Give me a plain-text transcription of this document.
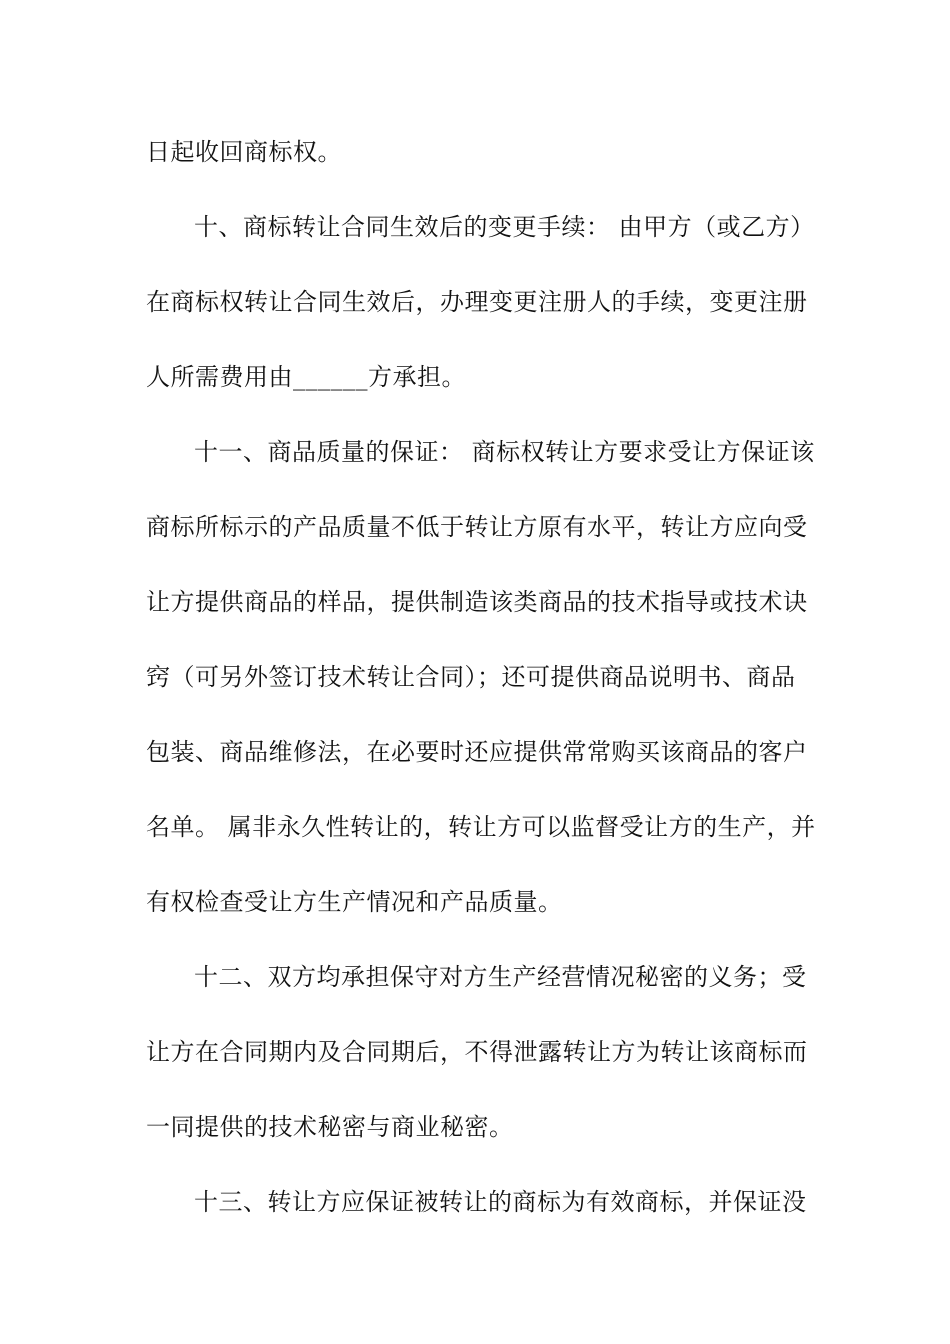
日起收回商标权。
十、商标转让合同生效后的变更手续： 由甲方（或乙方）
在商标权转让合同生效后，办理变更注册人的手续，变更注册
人所需费用由______方承担。
十一、商品质量的保证： 商标权转让方要求受让方保证该
商标所标示的产品质量不低于转让方原有水平，转让方应向受
让方提供商品的样品，提供制造该类商品的技术指导或技术诀
窍（可另外签订技术转让合同）；还可提供商品说明书、商品
包装、商品维修法，在必要时还应提供常常购买该商品的客户
名单。 属非永久性转让的，转让方可以监督受让方的生产，并
有权检查受让方生产情况和产品质量。
十二、双方均承担保守对方生产经营情况秘密的义务；受
让方在合同期内及合同期后，不得泄露转让方为转让该商标而
一同提供的技术秘密与商业秘密。
十三、转让方应保证被转让的商标为有效商标，并保证没
